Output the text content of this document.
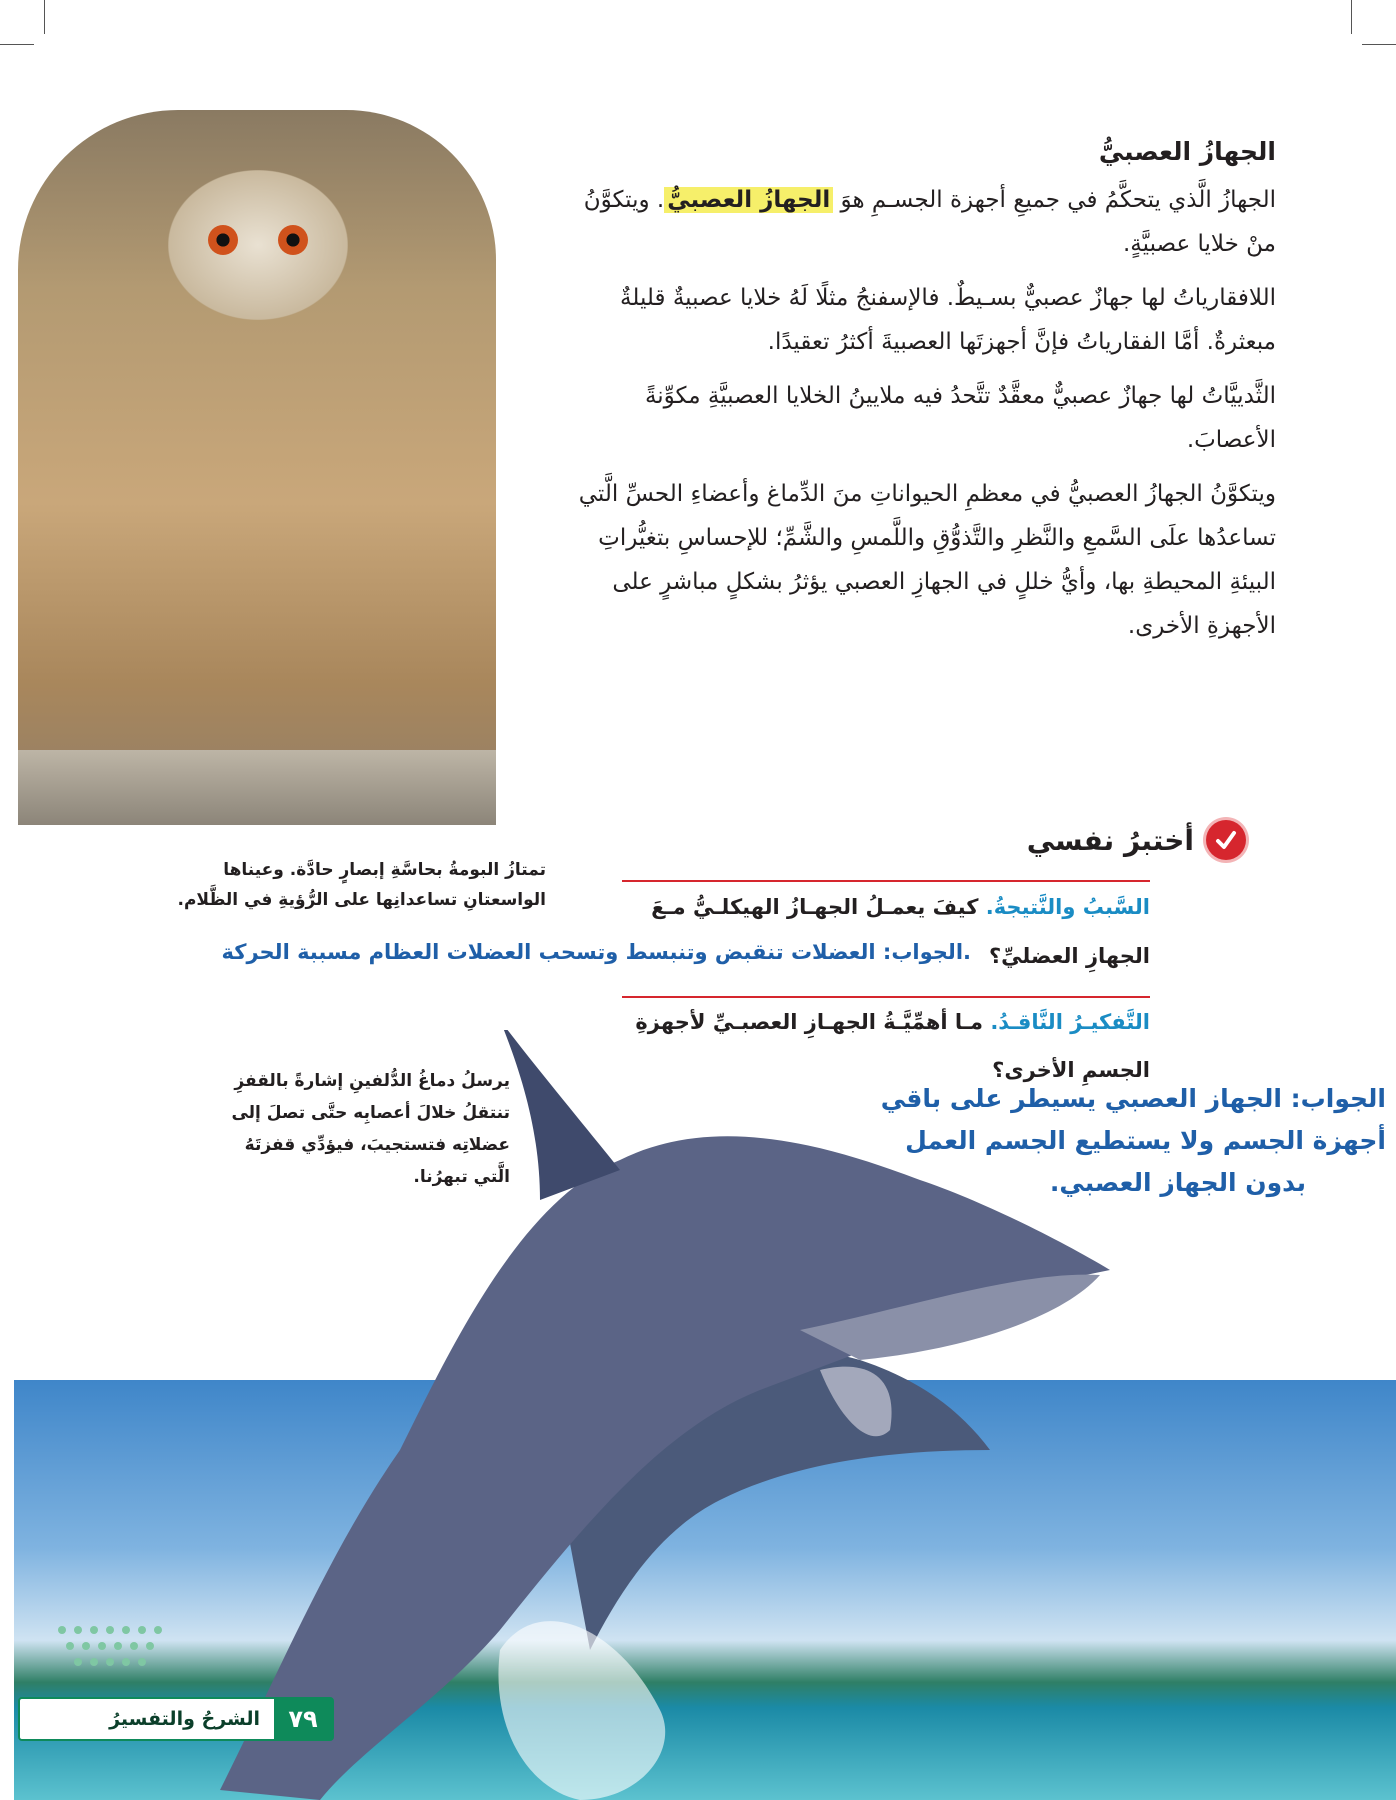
الجهازُ العصبيُّ

الجهازُ الَّذي يتحكَّمُ في جميعِ أجهزة الجسـمِ هوَ الجهازُ العصبيُّ. ويتكوَّنُ منْ خلايا عصبيَّةٍ.

اللافقارياتُ لها جهازٌ عصبيٌّ بسـيطٌ. فالإسفنجُ مثلًا لَهُ خلايا عصبيةٌ قليلةٌ مبعثرةٌ. أمَّا الفقارياتُ فإنَّ أجهزتَها العصبيةَ أكثرُ تعقيدًا.

الثَّدييَّاتُ لها جهازٌ عصبيٌّ معقَّدٌ تتَّحدُ فيه ملايينُ الخلايا العصبيَّةِ مكوِّنةً الأعصابَ.

ويتكوَّنُ الجهازُ العصبيُّ في معظمِ الحيواناتِ منَ الدِّماغ وأعضاءِ الحسِّ الَّتي تساعدُها علَى السَّمعِ والنَّظرِ والتَّذوُّقِ واللَّمسِ والشَّمِّ؛ للإحساسِ بتغيُّراتِ البيئةِ المحيطةِ بها، وأيُّ خللٍ في الجهازِ العصبي يؤثرُ بشكلٍ مباشرٍ على الأجهزةِ الأخرى.

تمتازُ البومةُ بحاسَّةِ إبصارٍ حادَّة. وعيناها
الواسعتانِ تساعدانِها على الرُّؤيةِ في الظَّلام.
أختبرُ نفسي
السَّببُ والنَّتيجةُ. كيفَ يعمـلُ الجهـازُ الهيكلـيُّ مـعَ
الجهازِ العضليِّ؟
.الجواب: العضلات تنقبض وتنبسط وتسحب العضلات العظام مسببة الحركة
التَّفكيـرُ النَّاقـدُ. مـا أهمِّيَّـةُ الجهـازِ العصبـيِّ لأجهزةِ
الجسمِ الأخرى؟
يرسلُ دماغُ الدُّلفينِ إشارةً بالقفزِ
تنتقلُ خلالَ أعصابِه حتَّى تصلَ إلى
عضلاتِه فتستجيبَ، فيؤدِّي قفزتَهُ
الَّتي تبهرُنا.
الجواب: الجهاز العصبي يسيطر على باقي
أجهزة الجسم ولا يستطيع الجسم العمل
بدون الجهاز العصبي.
٧٩
الشرحُ والتفسيرُ
